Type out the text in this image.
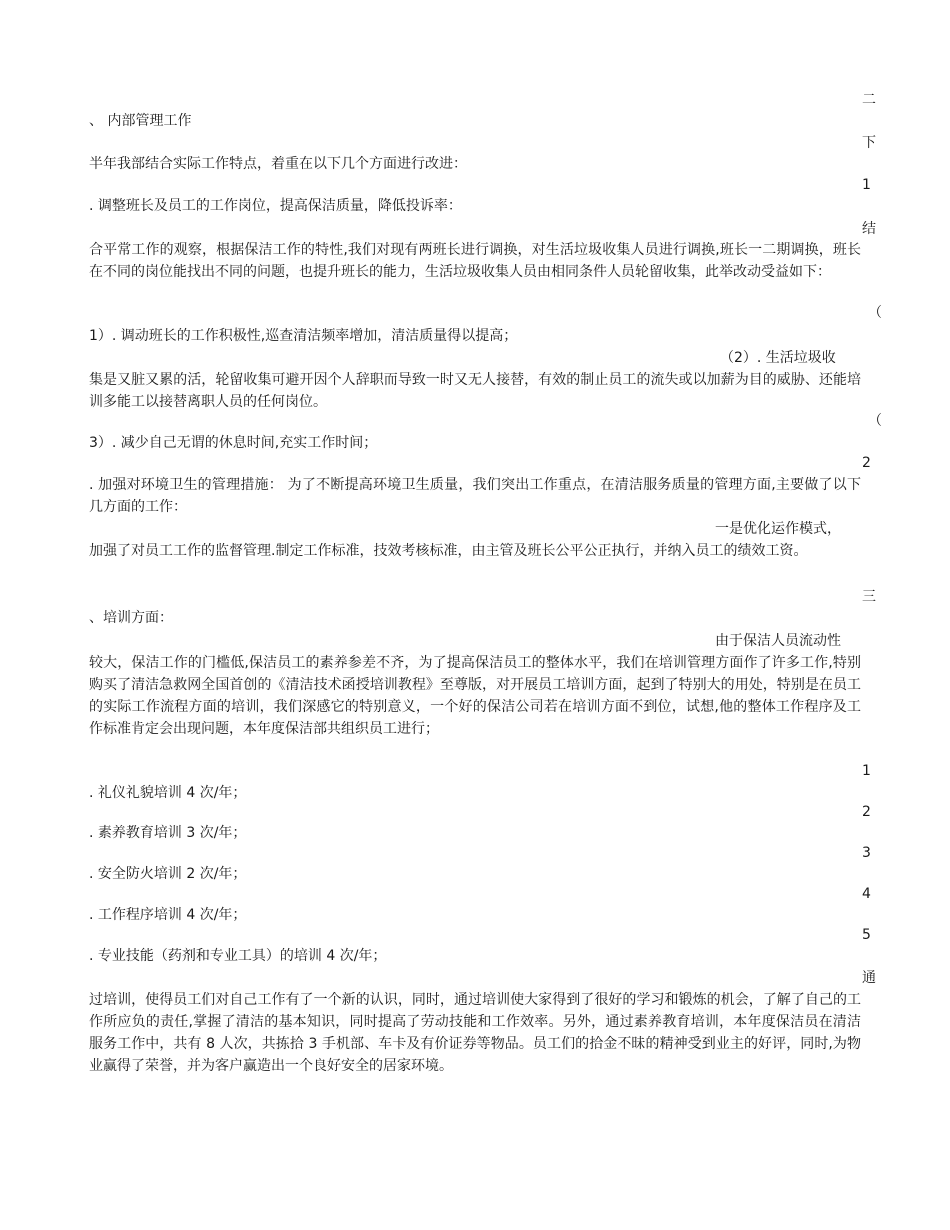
二
下
1
结
（
（
2
三
1
2
3
4
5
通
、 内部管理工作
半年我部结合实际工作特点，着重在以下几个方面进行改进：
. 调整班长及员工的工作岗位，提高保洁质量，降低投诉率：

合平常工作的观察，根据保洁工作的特性,我们对现有两班长进行调换，对生活垃圾收集人员进行调换,班长一二期调换，班长在不同的岗位能找出不同的问题，也提升班长的能力，生活垃圾收集人员由相同条件人员轮留收集，此举改动受益如下：

1）. 调动班长的工作积极性,巡查清洁频率增加，清洁质量得以提高；
（2）. 生活垃圾收

集是又脏又累的活，轮留收集可避开因个人辞职而导致一时又无人接替，有效的制止员工的流失或以加薪为目的威胁、还能培训多能工以接替离职人员的任何岗位。

3）. 减少自己无谓的休息时间,充实工作时间；

. 加强对环境卫生的管理措施： 为了不断提高环境卫生质量，我们突出工作重点，在清洁服务质量的管理方面,主要做了以下几方面的工作：

一是优化运作模式，

加强了对员工工作的监督管理.制定工作标准，技效考核标准，由主管及班长公平公正执行，并纳入员工的绩效工资。

、培训方面：
由于保洁人员流动性

较大，保洁工作的门槛低,保洁员工的素养参差不齐，为了提高保洁员工的整体水平，我们在培训管理方面作了许多工作,特别购买了清洁急救网全国首创的《清洁技术函授培训教程》至尊版，对开展员工培训方面，起到了特别大的用处，特别是在员工的实际工作流程方面的培训，我们深感它的特别意义，一个好的保洁公司若在培训方面不到位，试想,他的整体工作程序及工作标准肯定会出现问题，本年度保洁部共组织员工进行；

. 礼仪礼貌培训 4 次/年；
. 素养教育培训 3 次/年；
. 安全防火培训 2 次/年；
. 工作程序培训 4 次/年；
. 专业技能（药剂和专业工具）的培训 4 次/年；

过培训，使得员工们对自己工作有了一个新的认识，同时，通过培训使大家得到了很好的学习和锻炼的机会，了解了自己的工作所应负的责任,掌握了清洁的基本知识，同时提高了劳动技能和工作效率。另外，通过素养教育培训，本年度保洁员在清洁服务工作中，共有 8 人次，共拣拾 3 手机部、车卡及有价证券等物品。员工们的拾金不昧的精神受到业主的好评，同时,为物业赢得了荣誉，并为客户赢造出一个良好安全的居家环境。
